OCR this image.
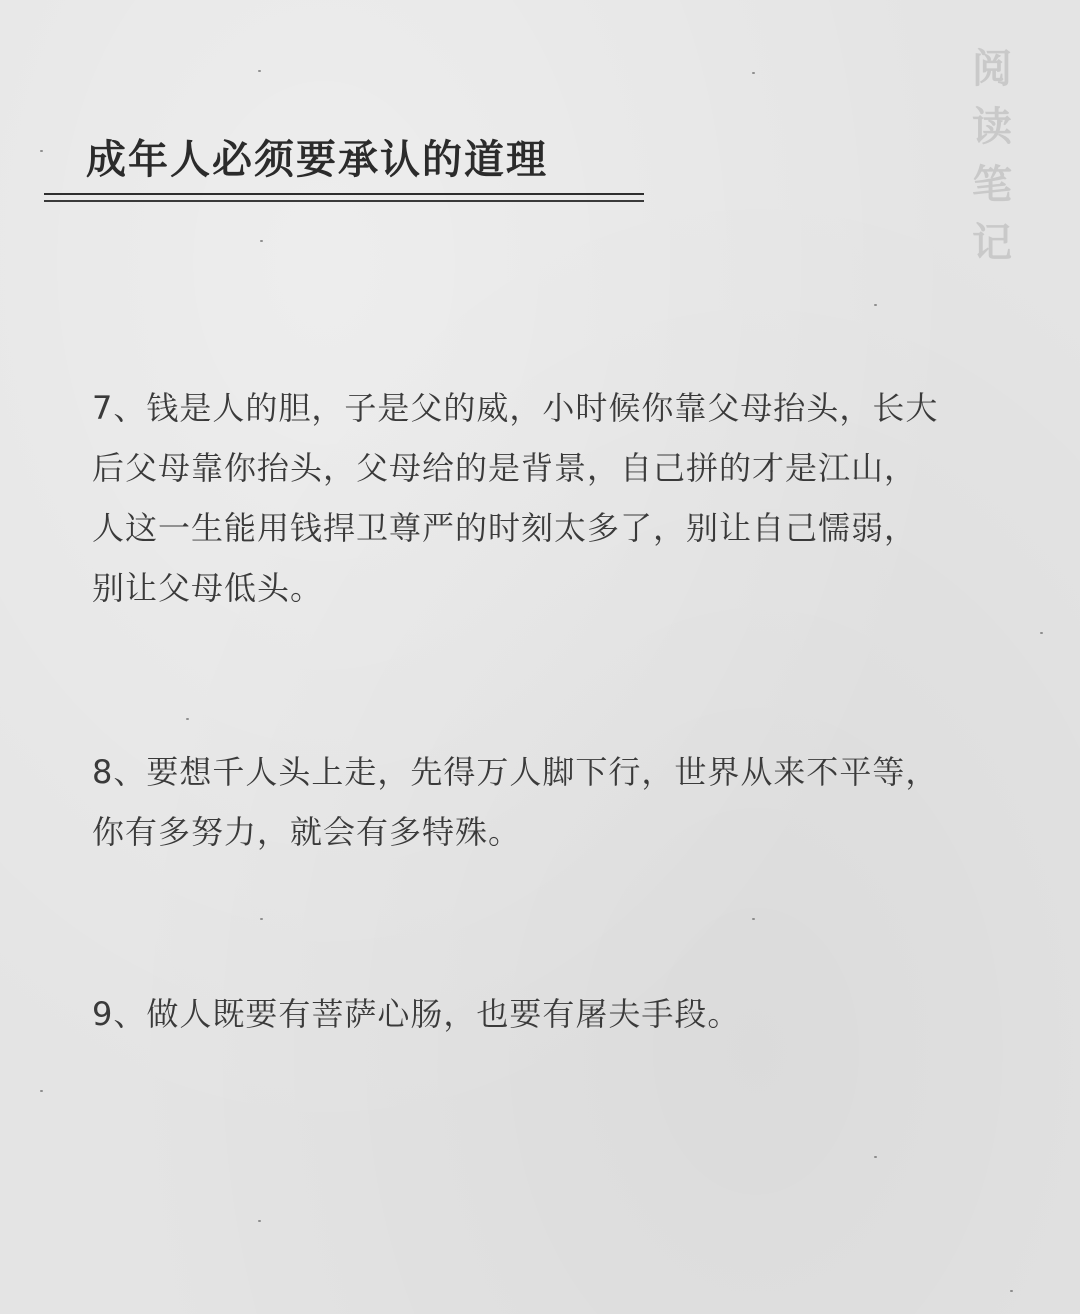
阅
读
笔
记
成年人必须要承认的道理

7、钱是人的胆，子是父的威，小时候你靠父母抬头，长大后父母靠你抬头，父母给的是背景，自己拼的才是江山，人这一生能用钱捍卫尊严的时刻太多了，别让自己懦弱，别让父母低头。

8、要想千人头上走，先得万人脚下行，世界从来不平等，你有多努力，就会有多特殊。

9、做人既要有菩萨心肠，也要有屠夫手段。
